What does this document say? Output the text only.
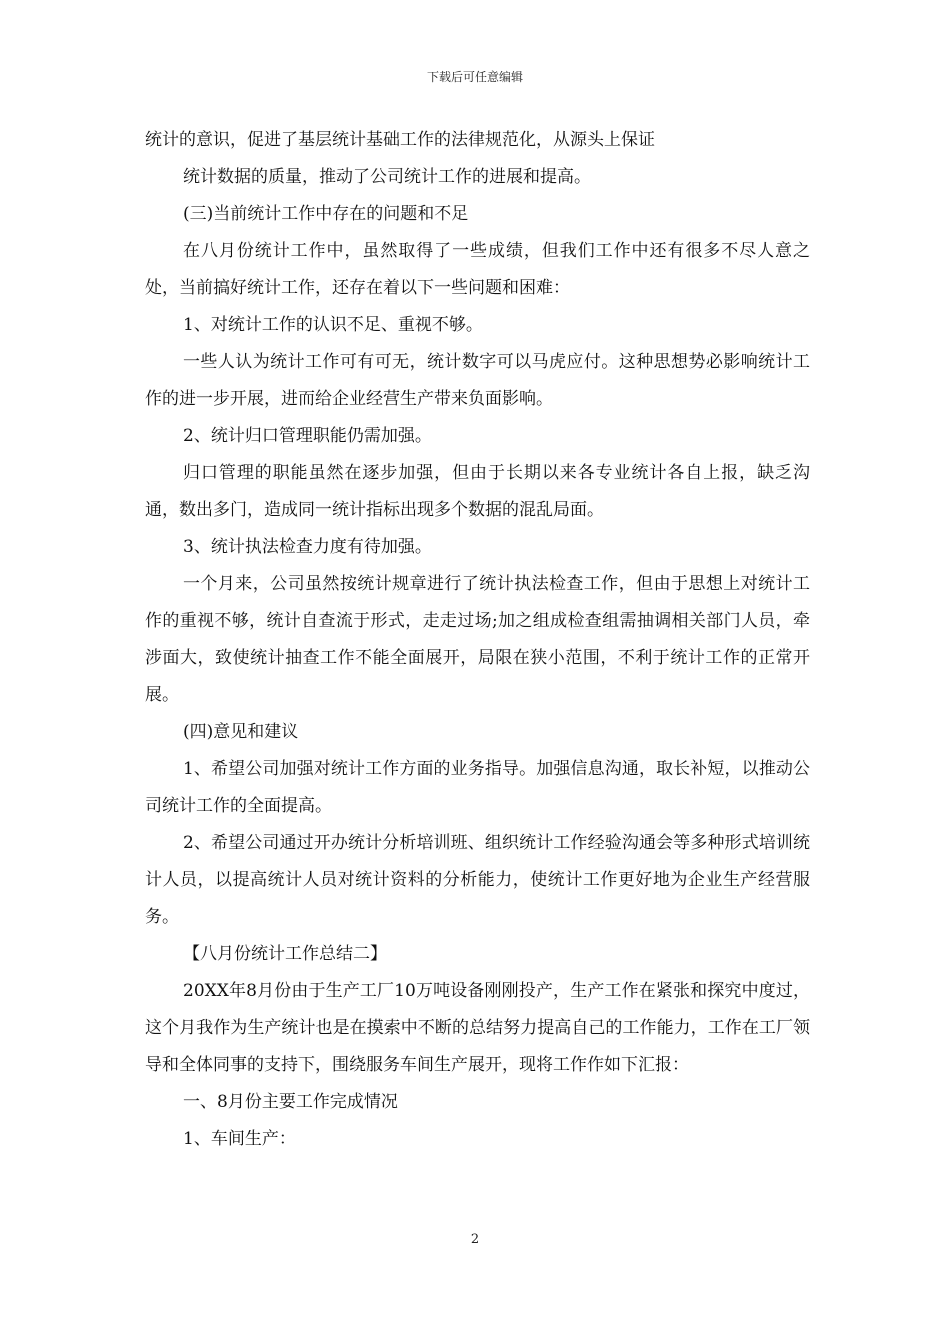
下载后可任意编辑

统计的意识，促进了基层统计基础工作的法律规范化，从源头上保证

统计数据的质量，推动了公司统计工作的进展和提高。

(三)当前统计工作中存在的问题和不足

在八月份统计工作中，虽然取得了一些成绩，但我们工作中还有很多不尽人意之处，当前搞好统计工作，还存在着以下一些问题和困难：

1、对统计工作的认识不足、重视不够。

一些人认为统计工作可有可无，统计数字可以马虎应付。这种思想势必影响统计工作的进一步开展，进而给企业经营生产带来负面影响。

2、统计归口管理职能仍需加强。

归口管理的职能虽然在逐步加强，但由于长期以来各专业统计各自上报，缺乏沟通，数出多门，造成同一统计指标出现多个数据的混乱局面。

3、统计执法检查力度有待加强。

一个月来，公司虽然按统计规章进行了统计执法检查工作，但由于思想上对统计工作的重视不够，统计自查流于形式，走走过场;加之组成检查组需抽调相关部门人员，牵涉面大，致使统计抽查工作不能全面展开，局限在狭小范围，不利于统计工作的正常开展。

(四)意见和建议

1、希望公司加强对统计工作方面的业务指导。加强信息沟通，取长补短，以推动公司统计工作的全面提高。

2、希望公司通过开办统计分析培训班、组织统计工作经验沟通会等多种形式培训统计人员，以提高统计人员对统计资料的分析能力，使统计工作更好地为企业生产经营服务。

【八月份统计工作总结二】

20XX年8月份由于生产工厂10万吨设备刚刚投产，生产工作在紧张和探究中度过，这个月我作为生产统计也是在摸索中不断的总结努力提高自己的工作能力，工作在工厂领导和全体同事的支持下，围绕服务车间生产展开，现将工作作如下汇报：

一、8月份主要工作完成情况

1、车间生产：

2
